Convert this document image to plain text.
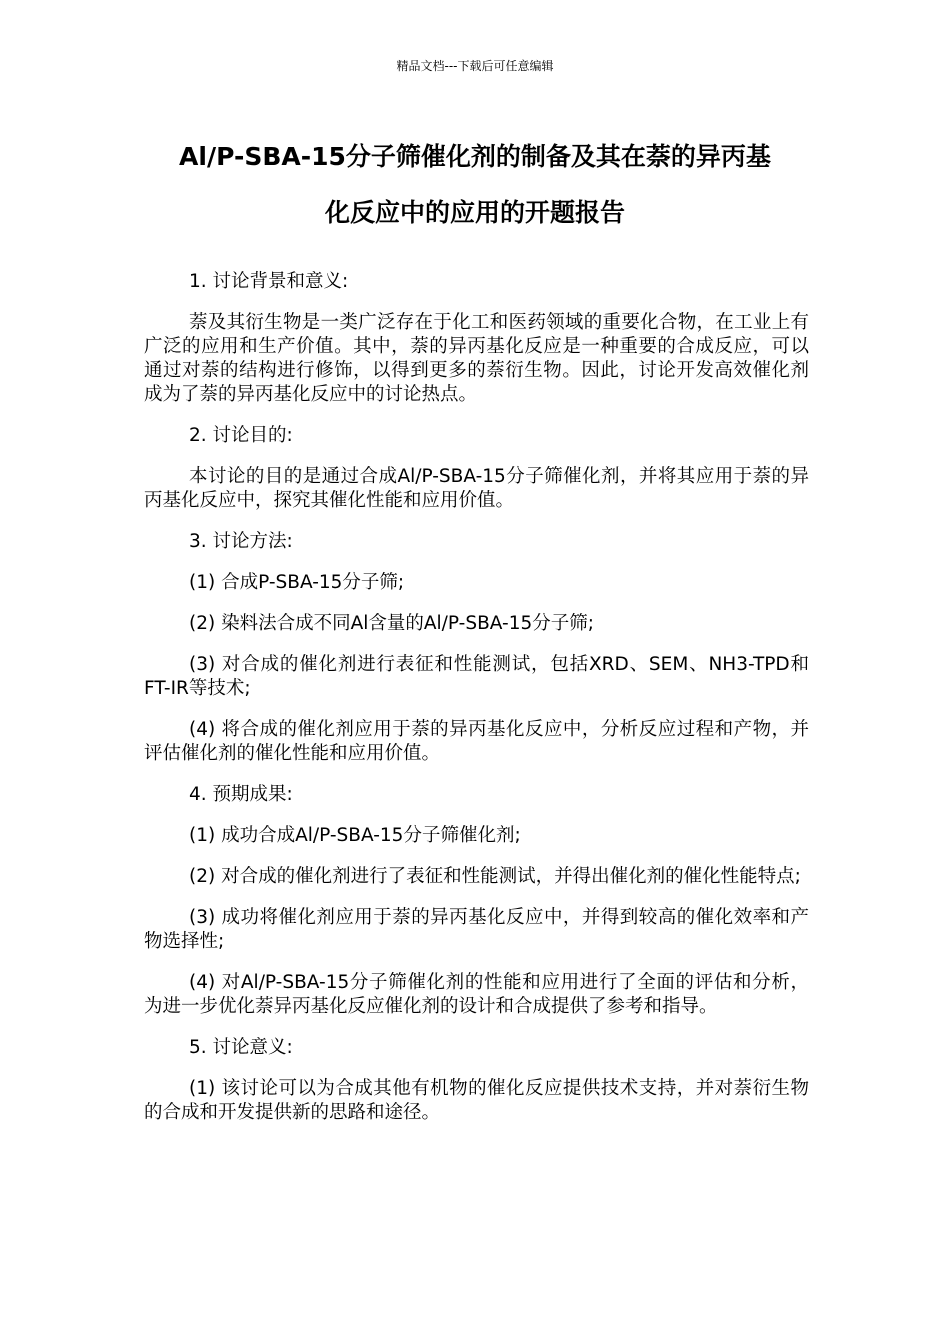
精品文档---下载后可任意编辑
Al/P-SBA-15分子筛催化剂的制备及其在萘的异丙基
化反应中的应用的开题报告

1. 讨论背景和意义:

萘及其衍生物是一类广泛存在于化工和医药领域的重要化合物，在工业上有广泛的应用和生产价值。其中，萘的异丙基化反应是一种重要的合成反应，可以通过对萘的结构进行修饰，以得到更多的萘衍生物。因此，讨论开发高效催化剂成为了萘的异丙基化反应中的讨论热点。

2. 讨论目的:

本讨论的目的是通过合成Al/P-SBA-15分子筛催化剂，并将其应用于萘的异丙基化反应中，探究其催化性能和应用价值。

3. 讨论方法:

(1) 合成P-SBA-15分子筛;

(2) 染料法合成不同Al含量的Al/P-SBA-15分子筛;

(3) 对合成的催化剂进行表征和性能测试，包括XRD、SEM、NH3-TPD和FT-IR等技术;

(4) 将合成的催化剂应用于萘的异丙基化反应中，分析反应过程和产物，并评估催化剂的催化性能和应用价值。

4. 预期成果:

(1) 成功合成Al/P-SBA-15分子筛催化剂;

(2) 对合成的催化剂进行了表征和性能测试，并得出催化剂的催化性能特点;

(3) 成功将催化剂应用于萘的异丙基化反应中，并得到较高的催化效率和产物选择性;

(4) 对Al/P-SBA-15分子筛催化剂的性能和应用进行了全面的评估和分析，为进一步优化萘异丙基化反应催化剂的设计和合成提供了参考和指导。

5. 讨论意义:

(1) 该讨论可以为合成其他有机物的催化反应提供技术支持，并对萘衍生物的合成和开发提供新的思路和途径。
